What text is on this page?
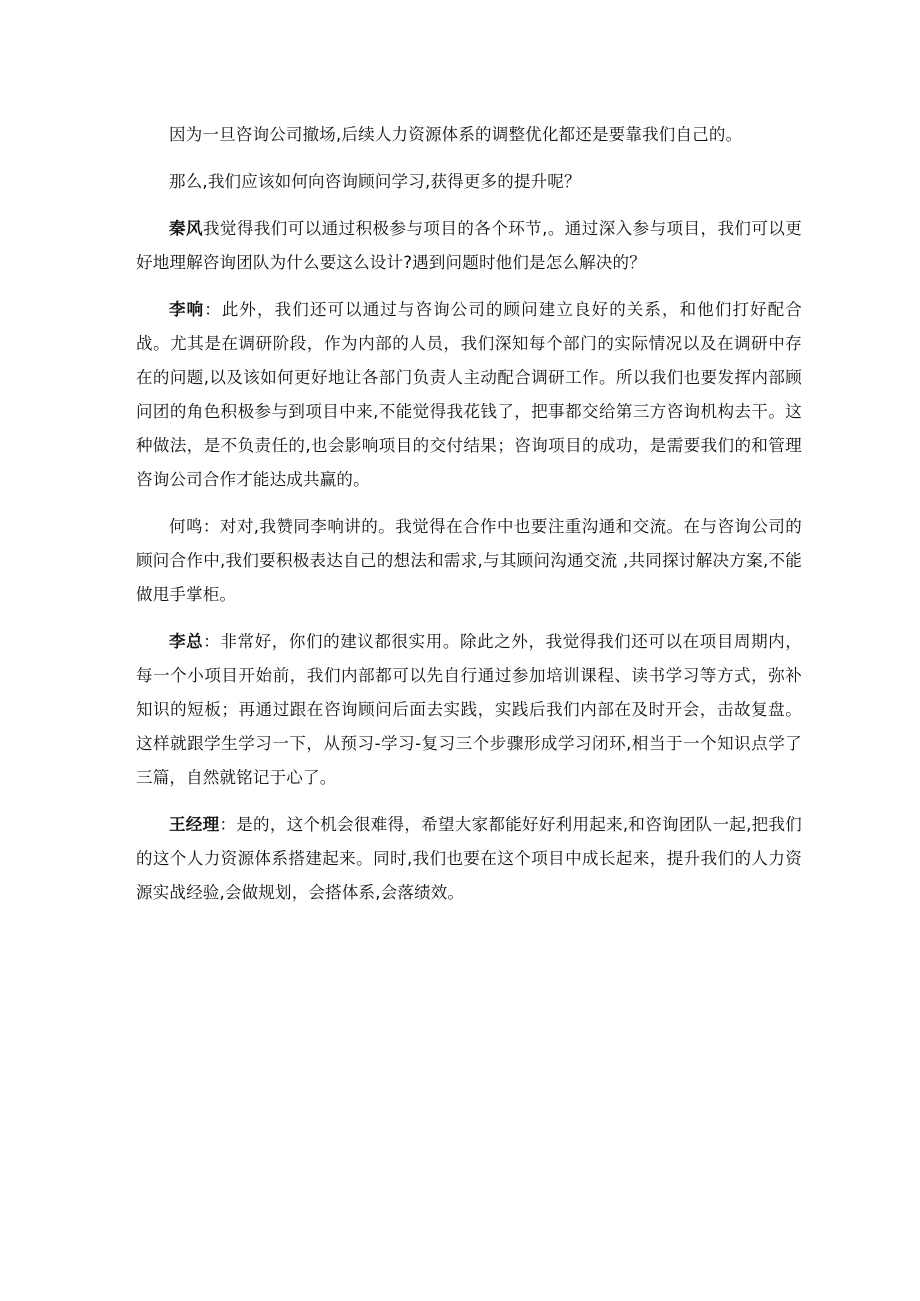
因为一旦咨询公司撤场,后续人力资源体系的调整优化都还是要靠我们自己的。

那么,我们应该如何向咨询顾问学习,获得更多的提升呢？

秦风我觉得我们可以通过积极参与项目的各个环节,。通过深入参与项目，我们可以更好地理解咨询团队为什么要这么设计?遇到问题时他们是怎么解决的？

李响：此外，我们还可以通过与咨询公司的顾问建立良好的关系，和他们打好配合战。尤其是在调研阶段，作为内部的人员，我们深知每个部门的实际情况以及在调研中存在的问题,以及该如何更好地让各部门负责人主动配合调研工作。所以我们也要发挥内部顾问团的角色积极参与到项目中来,不能觉得我花钱了，把事都交给第三方咨询机构去干。这种做法，是不负责任的,也会影响项目的交付结果；咨询项目的成功，是需要我们的和管理咨询公司合作才能达成共赢的。

何鸣：对对,我赞同李响讲的。我觉得在合作中也要注重沟通和交流。在与咨询公司的顾问合作中,我们要积极表达自己的想法和需求,与其顾问沟通交流 ,共同探讨解决方案,不能做甩手掌柜。

李总：非常好，你们的建议都很实用。除此之外，我觉得我们还可以在项目周期内，每一个小项目开始前，我们内部都可以先自行通过参加培训课程、读书学习等方式，弥补知识的短板；再通过跟在咨询顾问后面去实践，实践后我们内部在及时开会，击故复盘。这样就跟学生学习一下，从预习-学习-复习三个步骤形成学习闭环,相当于一个知识点学了三篇，自然就铭记于心了。

王经理：是的，这个机会很难得，希望大家都能好好利用起来,和咨询团队一起,把我们的这个人力资源体系搭建起来。同时,我们也要在这个项目中成长起来，提升我们的人力资源实战经验,会做规划，会搭体系,会落绩效。
